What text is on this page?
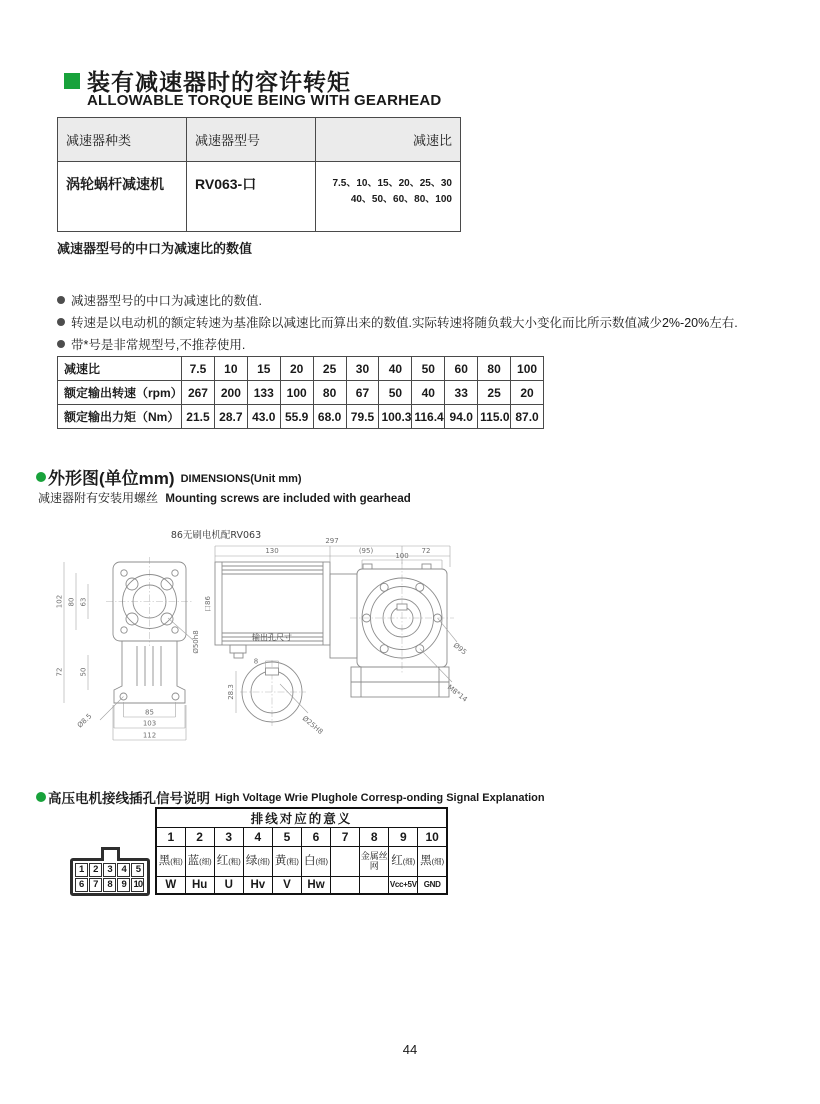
装有减速器时的容许转矩
ALLOWABLE TORQUE BEING WITH GEARHEAD
减速器种类	减速器型号	减速比
涡轮蜗杆减速机	RV063-口	7.5、10、15、20、25、30
40、50、60、80、100
减速器型号的中口为减速比的数值
减速器型号的中口为减速比的数值.
转速是以电动机的额定转速为基准除以减速比而算出来的数值.实际转速将随负载大小变化而比所示数值减少2%-20%左右.
带*号是非常规型号,不推荐使用.
减速比	7.5	10	15	20	25	30	40	50	60	80	100
额定输出转速（rpm）	267	200	133	100	80	67	50	40	33	25	20
额定输出力矩（Nm）	21.5	28.7	43.0	55.9	68.0	79.5	100.3	116.4	94.0	115.0	87.0
外形图(单位mm) DIMENSIONS(Unit mm)
减速器附有安装用螺丝 Mounting screws are included with gearhead
86无刷电机配RV063
102 80 63
72 50
85
103
112
Ø8.5
Ø50h8
口86
297
130	(95)	72
100
Ø95
M8*14
输出孔尺寸
8
28.3
Ø25H8
高压电机接线插孔信号说明 High Voltage Wrie Plughole Corresp-onding Signal Explanation
1	2	3	4	5
6	7	8	9 10
排线对应的意义									
1	2	3	4	5	6	7	8	9	10
黑(粗)	蓝(细)	红(粗)	绿(细)	黄(粗)	白(细)		金属丝网	红(细)	黑(细)
W	Hu	U	Hv	V	Hw			Vcc+5V	GND
44
